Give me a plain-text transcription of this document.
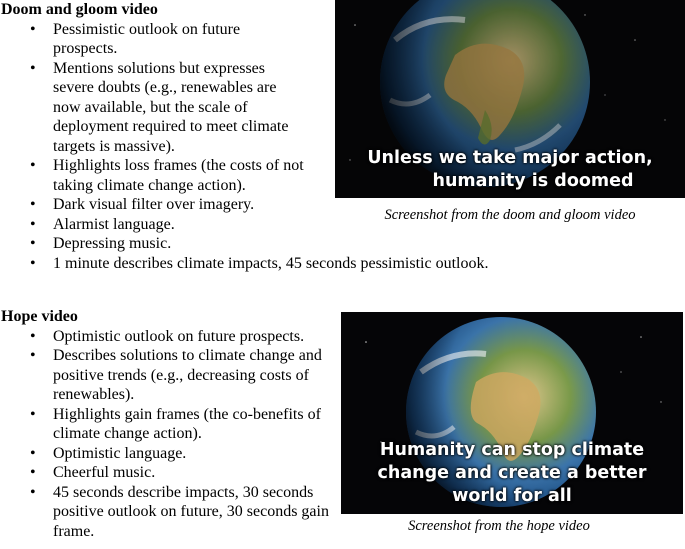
Doom and gloom video

• Pessimistic outlook on future prospects.
• Mentions solutions but expresses severe doubts (e.g., renewables are now available, but the scale of deployment required to meet climate targets is massive).
• Highlights loss frames (the costs of not taking climate change action).
• Dark visual filter over imagery.
• Alarmist language.
• Depressing music.
• 1 minute describes climate impacts, 45 seconds pessimistic outlook.
Unless we take major action,
humanity is doomed
Screenshot from the doom and gloom video

Hope video

• Optimistic outlook on future prospects.
• Describes solutions to climate change and positive trends (e.g., decreasing costs of renewables).
• Highlights gain frames (the co-benefits of climate change action).
• Optimistic language.
• Cheerful music.
• 45 seconds describe impacts, 30 seconds positive outlook on future, 30 seconds gain frame.
Humanity can stop climate
change and create a better
world for all
Screenshot from the hope video
